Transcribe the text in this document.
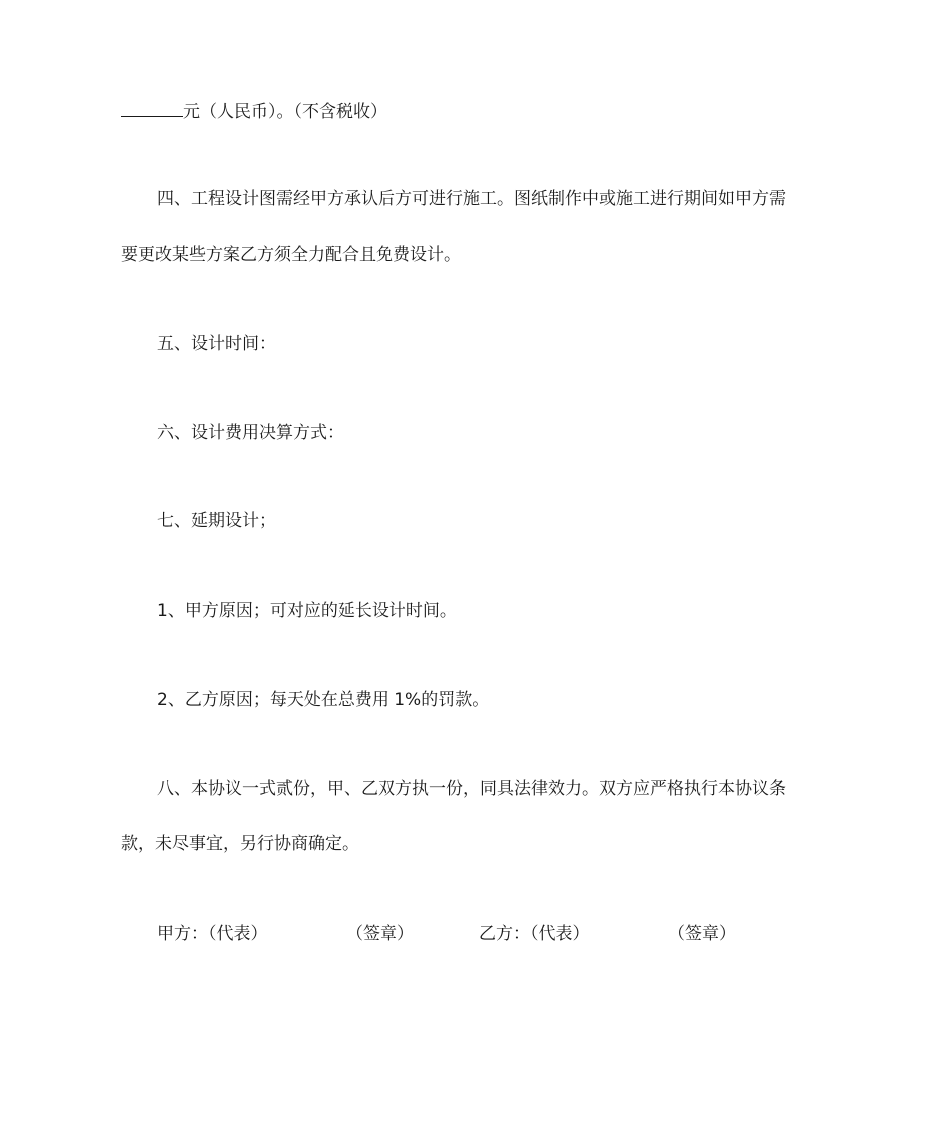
元（人民币）。（不含税收）
四、工程设计图需经甲方承认后方可进行施工。图纸制作中或施工进行期间如甲方需
要更改某些方案乙方须全力配合且免费设计。
五、设计时间：
六、设计费用决算方式：
七、延期设计；
1、甲方原因；可对应的延长设计时间。
2、乙方原因；每天处在总费用 1%的罚款。
八、本协议一式贰份，甲、乙双方执一份，同具法律效力。双方应严格执行本协议条
款，未尽事宜，另行协商确定。
甲方：（代表）	（签章）	乙方：（代表）	（签章）
